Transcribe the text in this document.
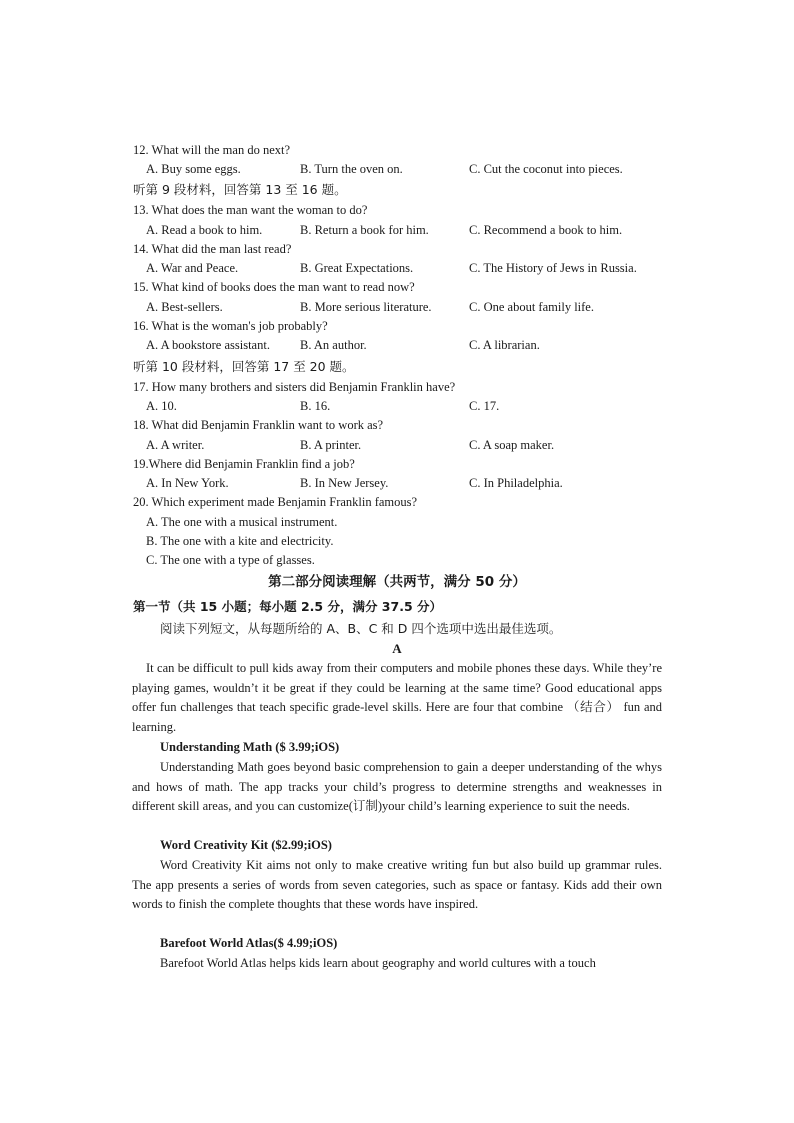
12. What will the man do next?
A. Buy some eggs.	B. Turn the oven on.	C. Cut the coconut into pieces.
听第 9 段材料，回答第 13 至 16 题。
13. What does the man want the woman to do?
A. Read a book to him.	B. Return a book for him.	C. Recommend a book to him.
14. What did the man last read?
A. War and Peace.	B. Great Expectations.	C. The History of Jews in Russia.
15. What kind of books does the man want to read now?
A. Best-sellers.	B. More serious literature.	C. One about family life.
16. What is the woman's job probably?
A. A bookstore assistant. B. An author.	C. A librarian.
听第 10 段材料，回答第 17 至 20 题。
17. How many brothers and sisters did Benjamin Franklin have?
A. 10.	B. 16.	C. 17.
18. What did Benjamin Franklin want to work as?
A. A writer.	B. A printer.	C. A soap maker.
19.Where did Benjamin Franklin find a job?
A. In New York.	B. In New Jersey.	C. In Philadelphia.
20. Which experiment made Benjamin Franklin famous?
A. The one with a musical instrument.
B. The one with a kite and electricity.
C. The one with a type of glasses.
第二部分阅读理解（共两节，满分 50 分）
第一节（共 15 小题；每小题 2.5 分，满分 37.5 分）
阅读下列短文，从每题所给的 A、B、C 和 D 四个选项中选出最佳选项。
A
It can be difficult to pull kids away from their computers and mobile phones these days. While they’re playing games, wouldn’t it be great if they could be learning at the same time? Good educational apps offer fun challenges that teach specific grade-level skills. Here are four that combine （结合） fun and learning.
Understanding Math ($ 3.99;iOS)
Understanding Math goes beyond basic comprehension to gain a deeper understanding of the whys and hows of math. The app tracks your child’s progress to determine strengths and weaknesses in different skill areas, and you can customize(订制)your child’s learning experience to suit the needs.
Word Creativity Kit ($2.99;iOS)
Word Creativity Kit aims not only to make creative writing fun but also build up grammar rules. The app presents a series of words from seven categories, such as space or fantasy. Kids add their own words to finish the complete thoughts that these words have inspired.
Barefoot World Atlas($ 4.99;iOS)
Barefoot World Atlas helps kids learn about geography and world cultures with a touch
